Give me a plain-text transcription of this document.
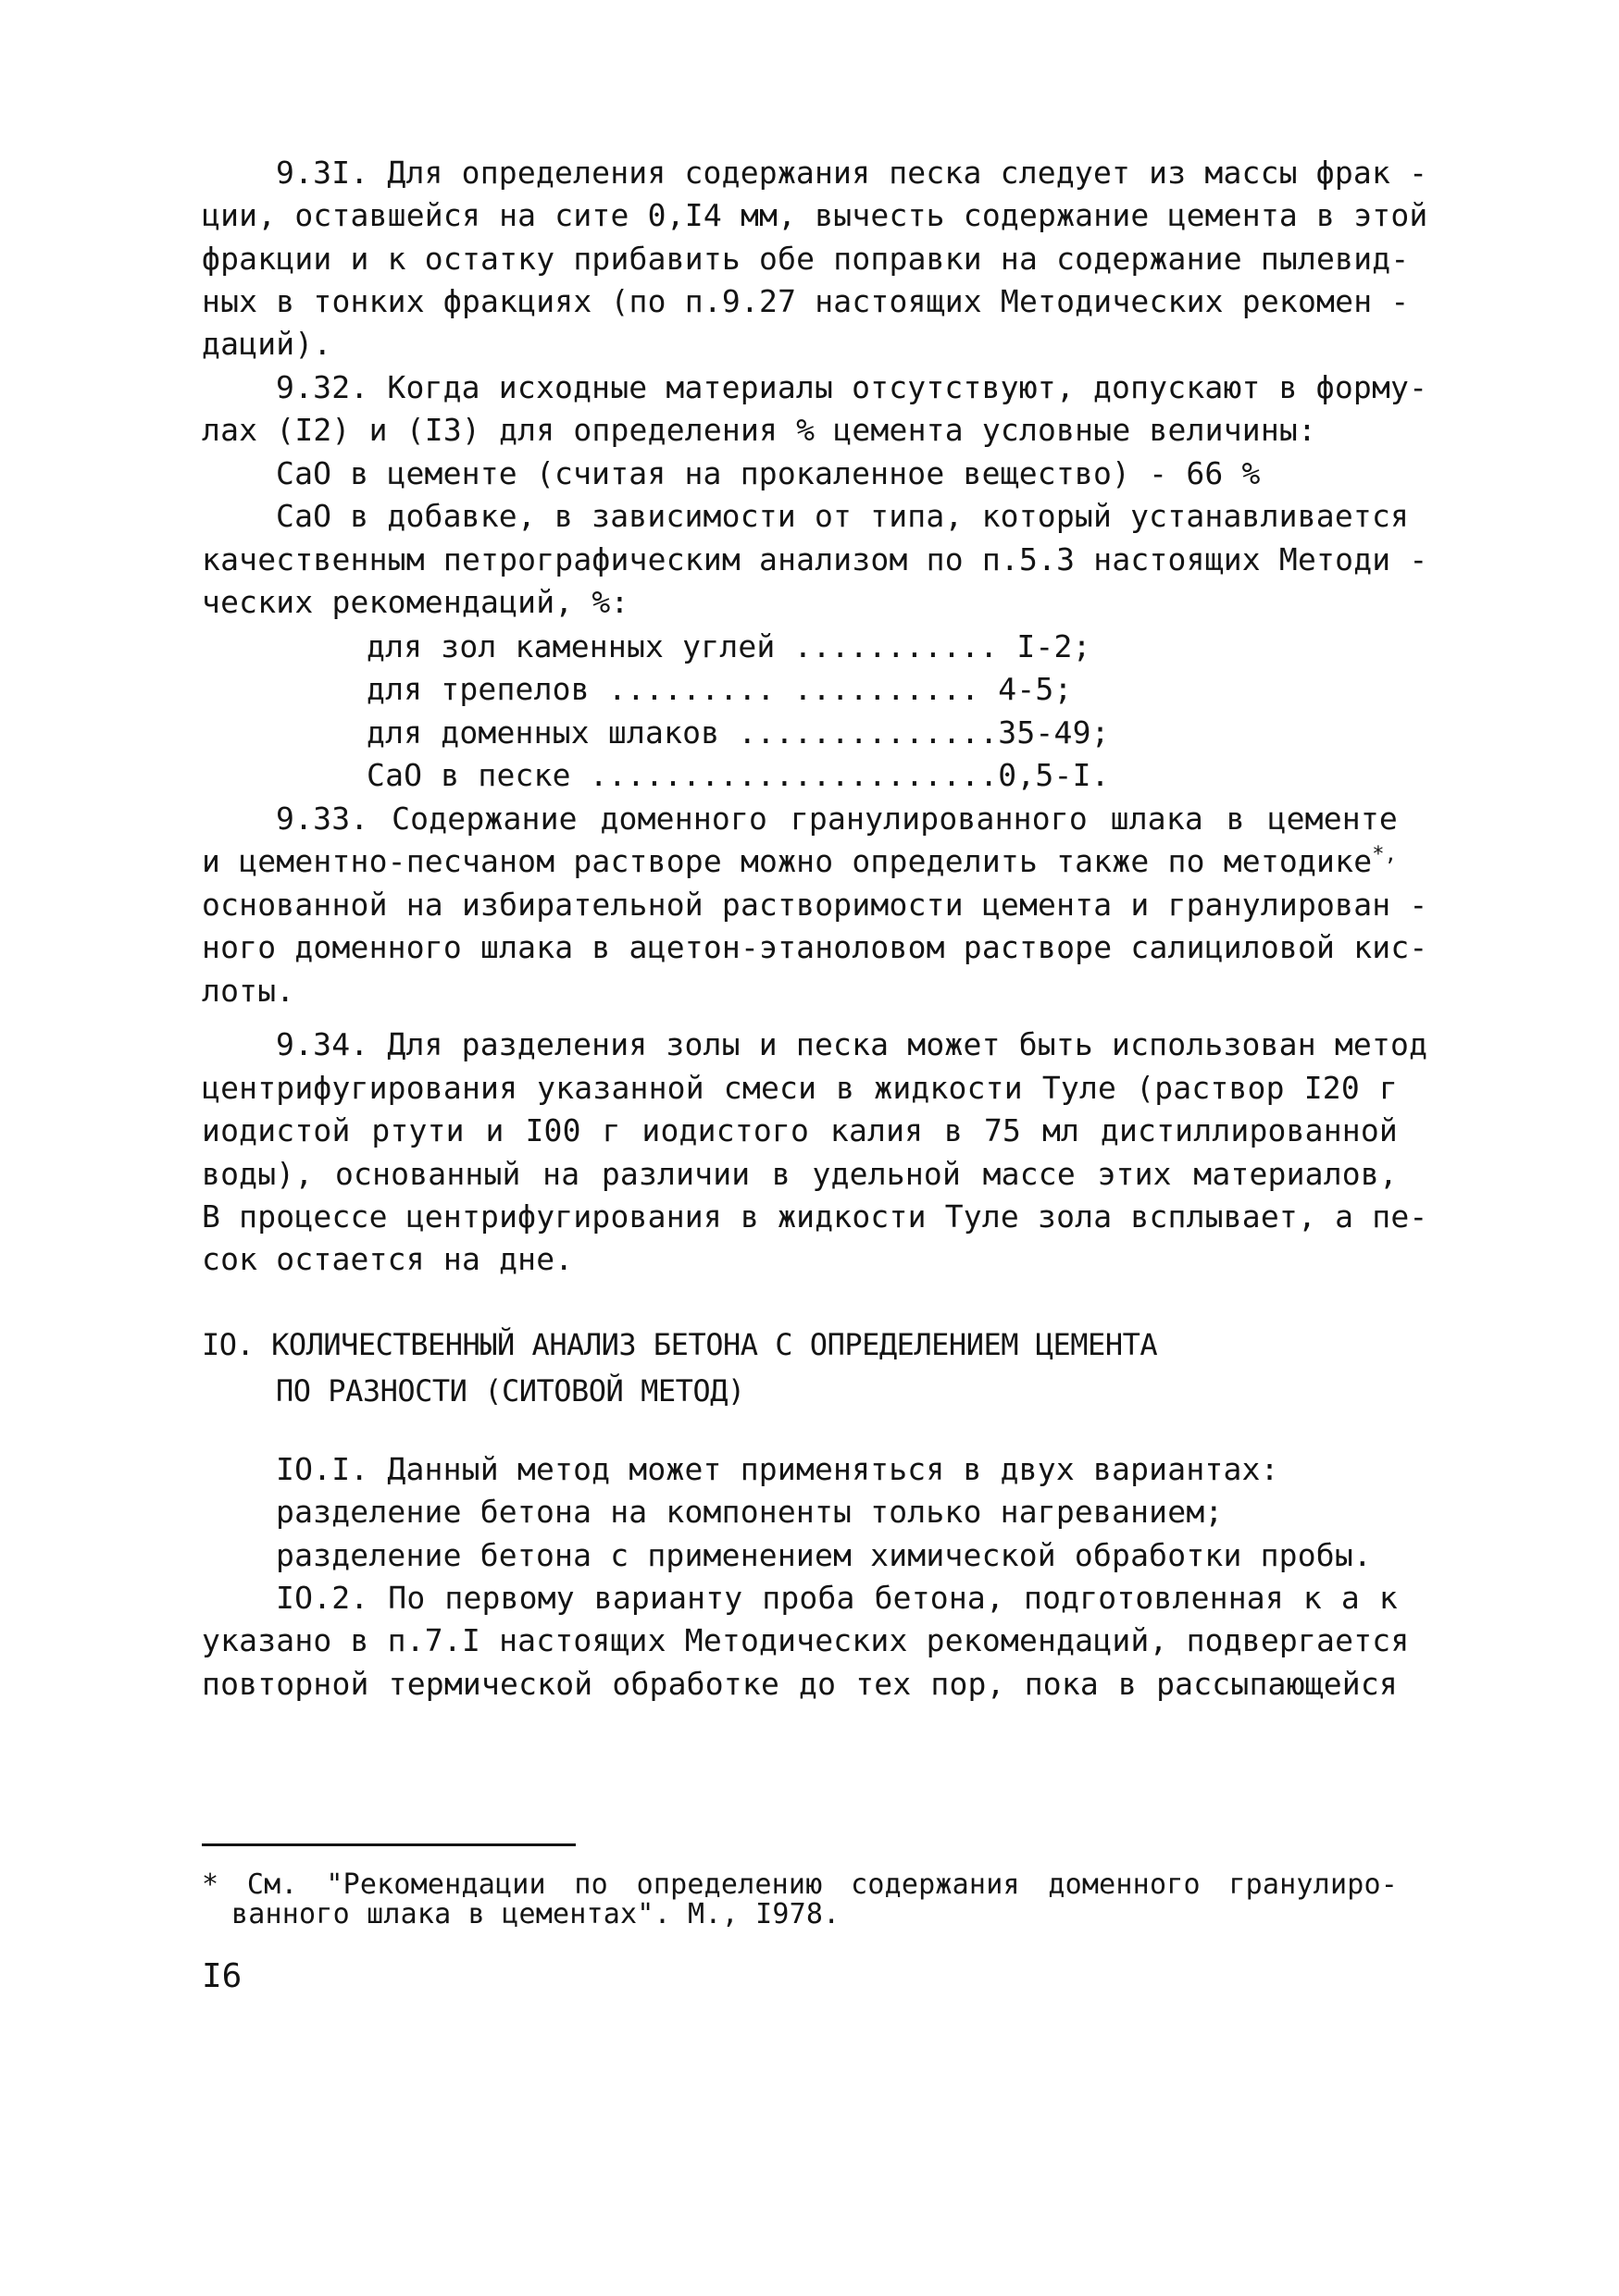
9.3I. Для определения содержания песка следует из массы фрак -
ции, оставшейся на сите 0,I4 мм, вычесть содержание цемента в этой
фракции и к остатку прибавить обе поправки на содержание пылевид-
ных в тонких фракциях (по п.9.27 настоящих Методических рекомен -
даций).
9.32. Когда исходные материалы отсутствуют, допускают в форму-
лах (I2) и (I3) для определения % цемента условные величины:
CaO в цементе (считая на прокаленное вещество) - 66 %
CaO в добавке, в зависимости от типа, который устанавливается
качественным петрографическим анализом по п.5.3 настоящих Методи -
ческих рекомендаций, %:
для зол каменных углей ........... I-2;
для трепелов ......... .......... 4-5;
для доменных шлаков ..............35-49;
CaO в песке ......................0,5-I.
9.33. Содержание доменного гранулированного шлака в цементе
и цементно-песчаном растворе можно определить также по методике*,
основанной на избирательной растворимости цемента и гранулирован -
ного доменного шлака в ацетон-этаноловом растворе салициловой кис-
лоты.
9.34. Для разделения золы и песка может быть использован метод
центрифугирования указанной смеси в жидкости Туле (раствор I20 г
иодистой ртути и I00 г иодистого калия в 75 мл дистиллированной
воды), основанный на различии в удельной массе этих материалов,
В процессе центрифугирования в жидкости Туле зола всплывает, а пе-
сок остается на дне.
IO. КОЛИЧЕСТВЕННЫЙ АНАЛИЗ БЕТОНА С ОПРЕДЕЛЕНИЕМ ЦЕМЕНТА
ПО РАЗНОСТИ (СИТОВОЙ МЕТОД)
IO.I. Данный метод может применяться в двух вариантах:
разделение бетона на компоненты только нагреванием;
разделение бетона с применением химической обработки пробы.
IO.2. По первому варианту проба бетона, подготовленная к а к
указано в п.7.I настоящих Методических рекомендаций, подвергается
повторной термической обработке до тех пор, пока в рассыпающейся
* См. "Рекомендации по определению содержания доменного гранулиро-
ванного шлака в цементах". М., I978.
I6
